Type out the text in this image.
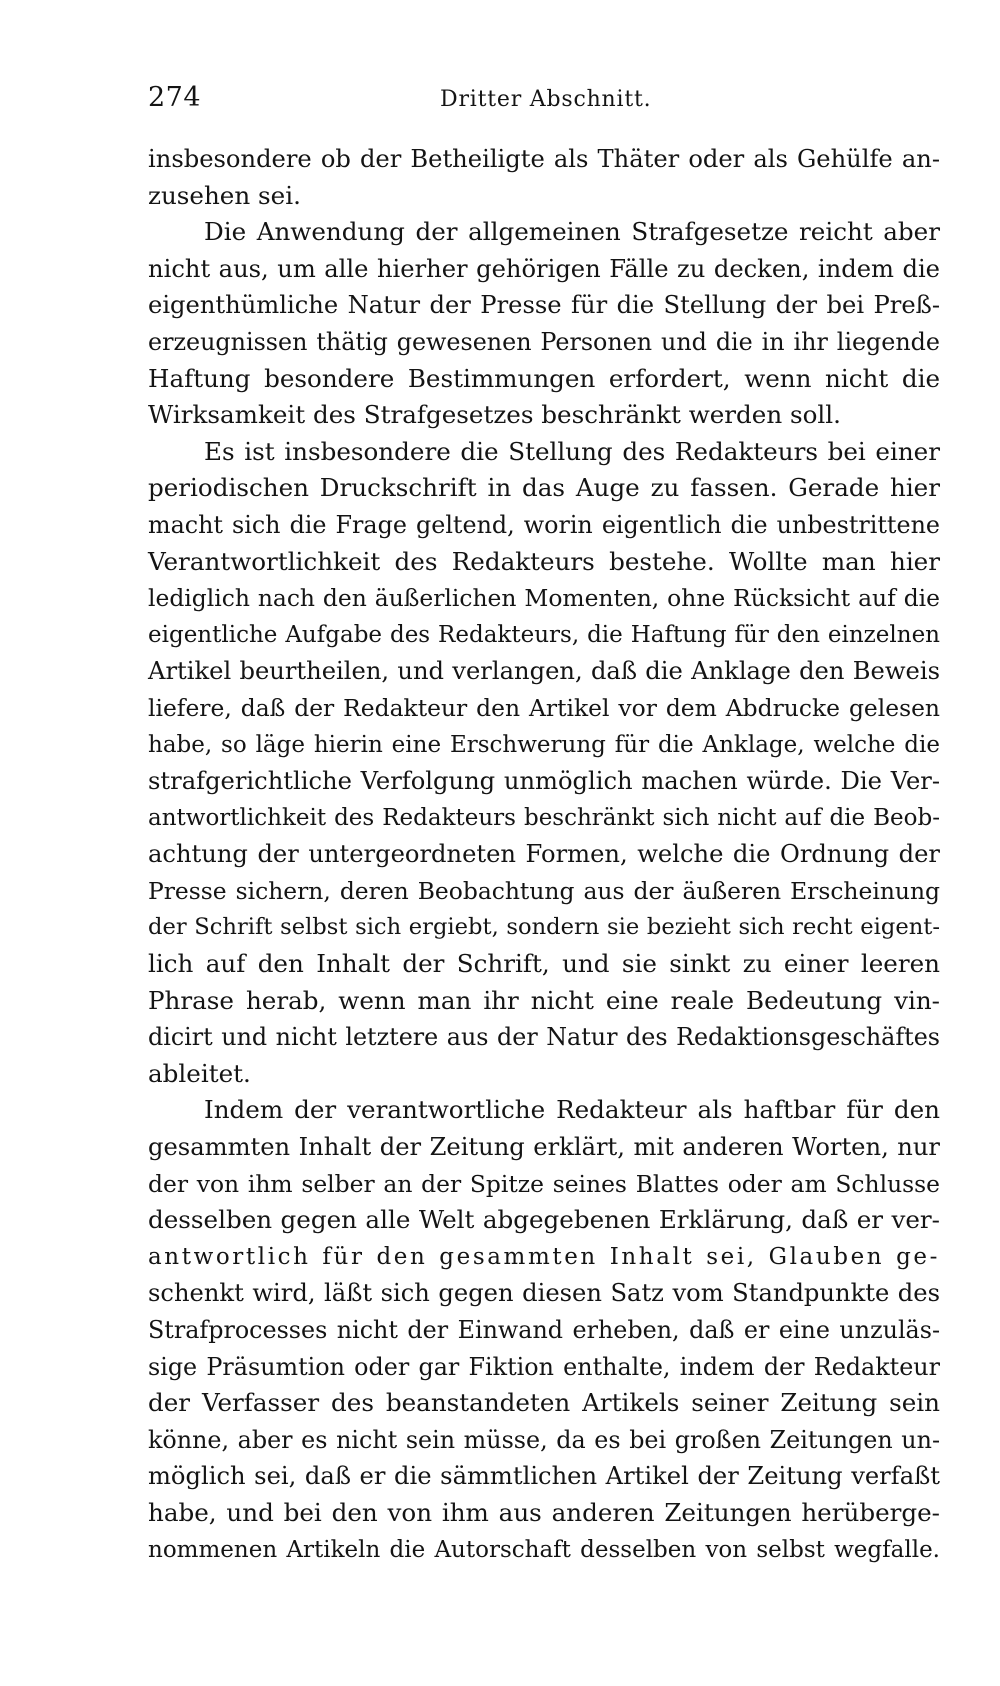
274	Dritter Abschnitt.
insbesondere ob der Betheiligte als Thäter oder als Gehülfe an-
zusehen sei.
Die Anwendung der allgemeinen Strafgesetze reicht aber
nicht aus, um alle hierher gehörigen Fälle zu decken, indem die
eigenthümliche Natur der Presse für die Stellung der bei Preß-
erzeugnissen thätig gewesenen Personen und die in ihr liegende
Haftung besondere Bestimmungen erfordert, wenn nicht die
Wirksamkeit des Strafgesetzes beschränkt werden soll.
Es ist insbesondere die Stellung des Redakteurs bei einer
periodischen Druckschrift in das Auge zu fassen. Gerade hier
macht sich die Frage geltend, worin eigentlich die unbestrittene
Verantwortlichkeit des Redakteurs bestehe. Wollte man hier
lediglich nach den äußerlichen Momenten, ohne Rücksicht auf die
eigentliche Aufgabe des Redakteurs, die Haftung für den einzelnen
Artikel beurtheilen, und verlangen, daß die Anklage den Beweis
liefere, daß der Redakteur den Artikel vor dem Abdrucke gelesen
habe, so läge hierin eine Erschwerung für die Anklage, welche die
strafgerichtliche Verfolgung unmöglich machen würde. Die Ver-
antwortlichkeit des Redakteurs beschränkt sich nicht auf die Beob-
achtung der untergeordneten Formen, welche die Ordnung der
Presse sichern, deren Beobachtung aus der äußeren Erscheinung
der Schrift selbst sich ergiebt, sondern sie bezieht sich recht eigent-
lich auf den Inhalt der Schrift, und sie sinkt zu einer leeren
Phrase herab, wenn man ihr nicht eine reale Bedeutung vin-
dicirt und nicht letztere aus der Natur des Redaktionsgeschäftes
ableitet.
Indem der verantwortliche Redakteur als haftbar für den
gesammten Inhalt der Zeitung erklärt, mit anderen Worten, nur
der von ihm selber an der Spitze seines Blattes oder am Schlusse
desselben gegen alle Welt abgegebenen Erklärung, daß er ver-
antwortlich für den gesammten Inhalt sei, Glauben ge-
schenkt wird, läßt sich gegen diesen Satz vom Standpunkte des
Strafprocesses nicht der Einwand erheben, daß er eine unzuläs-
sige Präsumtion oder gar Fiktion enthalte, indem der Redakteur
der Verfasser des beanstandeten Artikels seiner Zeitung sein
könne, aber es nicht sein müsse, da es bei großen Zeitungen un-
möglich sei, daß er die sämmtlichen Artikel der Zeitung verfaßt
habe, und bei den von ihm aus anderen Zeitungen herüberge-
nommenen Artikeln die Autorschaft desselben von selbst wegfalle.
